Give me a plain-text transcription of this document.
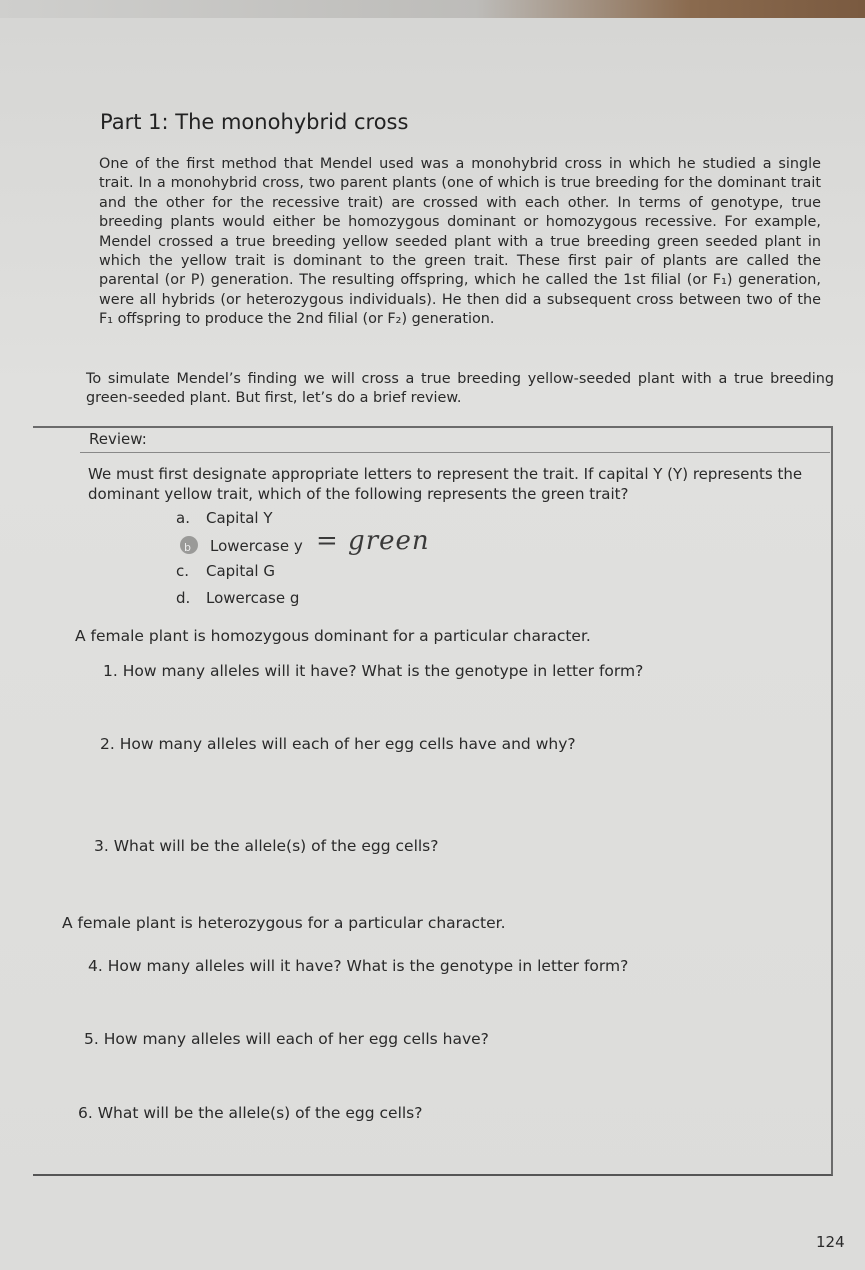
Part 1: The monohybrid cross

One of the first method that Mendel used was a monohybrid cross in which he studied a single trait. In a monohybrid cross, two parent plants (one of which is true breeding for the dominant trait and the other for the recessive trait) are crossed with each other. In terms of genotype, true breeding plants would either be homozygous dominant or homozygous recessive. For example, Mendel crossed a true breeding yellow seeded plant with a true breeding green seeded plant in which the yellow trait is dominant to the green trait. These first pair of plants are called the parental (or P) generation. The resulting offspring, which he called the 1st filial (or F₁) generation, were all hybrids (or heterozygous individuals). He then did a subsequent cross between two of the F₁ offspring to produce the 2nd filial (or F₂) generation.

To simulate Mendel’s finding we will cross a true breeding yellow-seeded plant with a true breeding green-seeded plant. But first, let’s do a brief review.

Review:

We must first designate appropriate letters to represent the trait. If capital Y (Y) represents the dominant yellow trait, which of the following represents the green trait?

a. Capital Y
b Lowercase y = green
c. Capital G
d. Lowercase g
A female plant is homozygous dominant for a particular character.
1. How many alleles will it have? What is the genotype in letter form?
2. How many alleles will each of her egg cells have and why?
3. What will be the allele(s) of the egg cells?
A female plant is heterozygous for a particular character.
4. How many alleles will it have? What is the genotype in letter form?
5. How many alleles will each of her egg cells have?
6. What will be the allele(s) of the egg cells?
124
